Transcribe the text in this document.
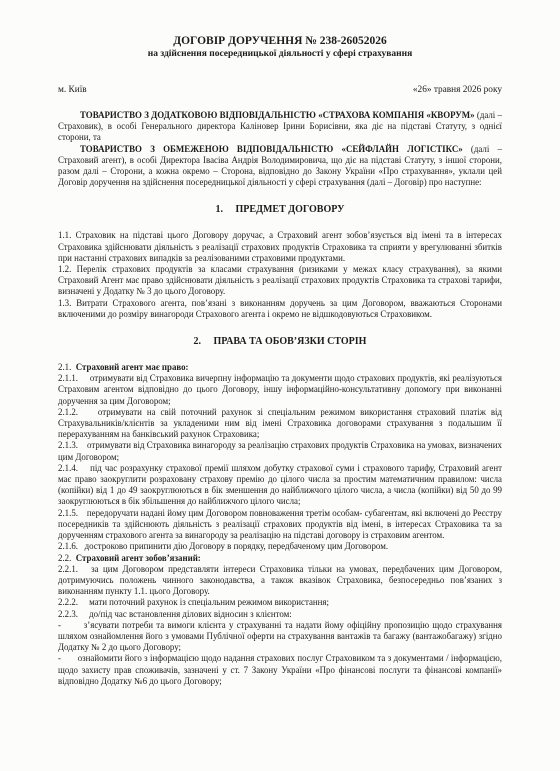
ДОГОВІР ДОРУЧЕННЯ № 238-26052026
на здійснення посередницької діяльності у сфері страхування
м. Київ	«26» травня 2026 року

ТОВАРИСТВО З ДОДАТКОВОЮ ВІДПОВІДАЛЬНІСТЮ «СТРАХОВА КОМПАНІЯ «КВОРУМ» (далі – Страховик), в особі Генерального директора Каліновер Ірини Борисівни, яка діє на підставі Статуту, з однієї сторони, та

ТОВАРИСТВО З ОБМЕЖЕНОЮ ВІДПОВІДАЛЬНІСТЮ «СЕЙФЛАЙН ЛОГІСТІКС» (далі – Страховий агент), в особі Директора Івасіва Андрія Володимировича, що діє на підставі Статуту, з іншої сторони, разом далі – Сторони, а кожна окремо – Сторона, відповідно до Закону України «Про страхування», уклали цей Договір доручення на здійснення посередницької діяльності у сфері страхування (далі – Договір) про наступне:

1.     ПРЕДМЕТ ДОГОВОРУ

1.1. Страховик на підставі цього Договору доручає, а Страховий агент зобов’язується від імені та в інтересах Страховика здійснювати діяльність з реалізації страхових продуктів Страховика та сприяти у врегулюванні збитків при настанні страхових випадків за реалізованими страховими продуктами.

1.2. Перелік страхових продуктів за класами страхування (ризиками у межах класу страхування), за якими Страховий Агент має право здійснювати діяльність з реалізації страхових продуктів Страховика та страхові тарифи, визначені у Додатку № 3 до цього Договору.

1.3. Витрати Страхового агента, пов’язані з виконанням доручень за цим Договором, вважаються Сторонами включеними до розміру винагороди Страхового агента і окремо не відшкодовуються Страховиком.

2.     ПРАВА ТА ОБОВ’ЯЗКИ СТОРІН

2.1.  Страховий агент має право:

2.1.1.     отримувати від Страховика вичерпну інформацію та документи щодо страхових продуктів, які реалізуються Страховим агентом відповідно до цього Договору, іншу інформаційно-консультативну допомогу при виконанні доручення за цим Договором;

2.1.2.    отримувати на свій поточний рахунок зі спеціальним режимом використання страховий платіж від Страхувальників/клієнтів за укладеними ним від імені Страховика договорами страхування з подальшим її перерахуванням на банківський рахунок Страховика;

2.1.3.    отримувати від Страховика винагороду за реалізацію страхових продуктів Страховика на умовах, визначених цим Договором;

2.1.4.    під час розрахунку страхової премії шляхом добутку страхової суми і страхового тарифу, Страховий агент має право заокруглити розраховану страхову премію до цілого числа за простим математичним правилом: числа (копійки) від 1 до 49 заокруглюються в бік зменшення до найближчого цілого числа, а числа (копійки) від 50 до 99 заокруглюються в бік збільшення до найближчого цілого числа;

2.1.5.    передоручати надані йому цим Договором повноваження третім особам- субагентам, які включені до Реєстру посередників та здійснюють діяльність з реалізації страхових продуктів від імені, в інтересах Страховика та за дорученням страхового агента за винагороду за реалізацію на підставі договору із страховим агентом.

2.1.6.   достроково припинити дію Договору в порядку, передбаченому цим Договором.

2.2.  Страховий агент зобов’язаний:

2.2.1.   за цим Договором представляти інтереси Страховика тільки на умовах, передбачених цим Договором, дотримуючись положень чинного законодавства, а також вказівок Страховика, безпосередньо пов’язаних з виконанням пункту 1.1. цього Договору.

2.2.2.     мати поточний рахунок із спеціальним режимом використання;

2.2.3.     до/під час встановлення ділових відносин з клієнтом:

-       з’ясувати потреби та вимоги клієнта у страхуванні та надати йому офіційну пропозицію щодо страхування шляхом ознайомлення його з умовами Публічної оферти на страхування вантажів та багажу (вантажобагажу) згідно Додатку № 2 до цього Договору;

-       ознайомити його з інформацією щодо надання страхових послуг Страховиком та з документами / інформацією, щодо захисту прав споживачів, зазначені у ст. 7 Закону України «Про фінансові послуги та фінансові компанії» відповідно Додатку №6 до цього Договору;
